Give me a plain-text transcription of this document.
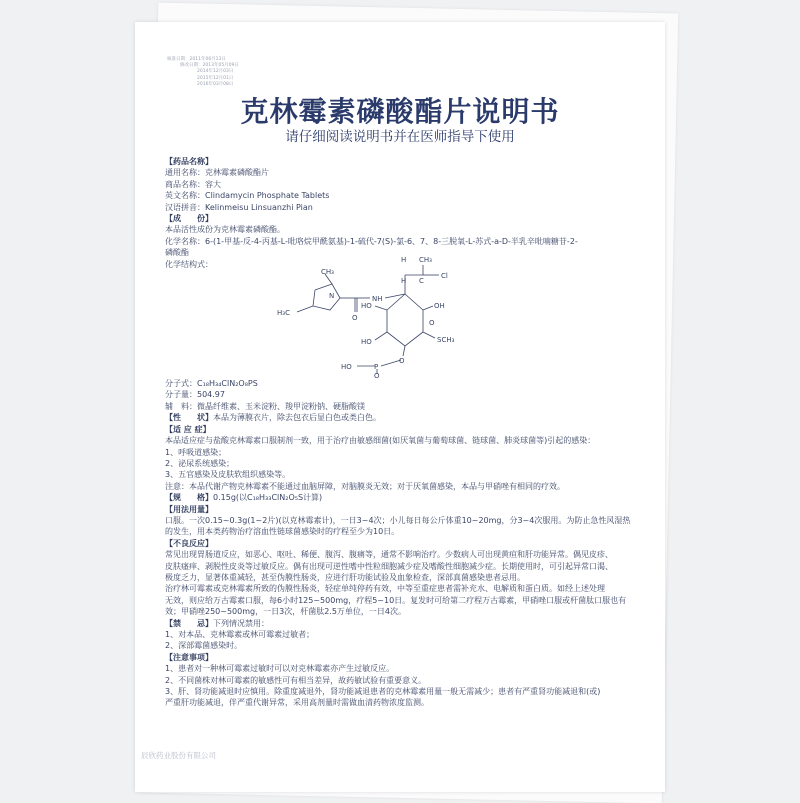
核准日期：2011年06月13日
修改日期：2013年05月09日
2014年12月03日
2015年12月01日
2016年03月08日
克林霉素磷酸酯片说明书
请仔细阅读说明书并在医师指导下使用
【药品名称】
通用名称：克林霉素磷酸酯片
商品名称：容大
英文名称：Clindamycin Phosphate Tablets
汉语拼音：Kelinmeisu Linsuanzhi Pian
【成　　份】
本品活性成份为克林霉素磷酸酯。
化学名称：6-(1-甲基-反-4-丙基-L-吡咯烷甲酰氨基)-1-硫代-7(S)-氯-6、7、8-三脱氧-L-苏式-a-D-半乳辛吡喃糖苷-2-
磷酸酯
化学结构式：
H₃C
CH₃
N	NH
O
H C
Cl
CH₃
H
HO	OH
O
SCH₃
HO
O
P
HO
O
分子式：C₁₈H₃₄ClN₂O₈PS
分子量：504.97
辅　料：微晶纤维素、玉米淀粉、羧甲淀粉钠、硬脂酸镁
【性　　状】本品为薄膜衣片，除去包衣后显白色或类白色。
【适 应 症】
本品适应症与盐酸克林霉素口服制剂一致，用于治疗由敏感细菌(如厌氧菌与葡萄球菌、链球菌、肺炎球菌等)引起的感染：
1、呼吸道感染；
2、泌尿系统感染；
3、五官感染及皮肤软组织感染等。
注意：本品代谢产物克林霉素不能通过血脑屏障，对脑膜炎无效；对于厌氧菌感染，本品与甲硝唑有相同的疗效。
【规　　格】0.15g(以C₁₈H₃₃ClN₂O₅S计算)
【用法用量】
口服。一次0.15~0.3g(1~2片)(以克林霉素计)，一日3~4次；小儿每日每公斤体重10~20mg，分3~4次服用。为防止急性风湿热
的发生，用本类药物治疗溶血性链球菌感染时的疗程至少为10日。
【不良反应】
常见出现胃肠道反应，如恶心、呕吐、稀便、腹泻、腹痛等，通常不影响治疗。少数病人可出现黄疸和肝功能异常。偶见皮疹、
皮肤瘙痒、剥脱性皮炎等过敏反应。偶有出现可逆性嗜中性粒细胞减少症及嗜酸性细胞减少症。长期使用时，可引起异常口渴、
极度乏力，显著体重减轻，甚至伪膜性肠炎，应进行肝功能试验及血象检查，深部真菌感染患者忌用。
治疗林可霉素或克林霉素所致的伪膜性肠炎，轻症单纯停药有效，中等至重症患者需补充水、电解质和蛋白质。如经上述处理
无效，则应给万古霉素口服，每6小时125~500mg，疗程5~10日。复发时可给第二疗程万古霉素，甲硝唑口服或杆菌肽口服也有
效；甲硝唑250~500mg，一日3次，杆菌肽2.5万单位，一日4次。
【禁　　忌】下列情况禁用：
1、对本品、克林霉素或林可霉素过敏者；
2、深部霉菌感染时。
【注意事项】
1、患者对一种林可霉素过敏时可以对克林霉素亦产生过敏反应。
2、不同菌株对林可霉素的敏感性可有相当差异，故药敏试验有重要意义。
3、肝、肾功能减退时应慎用。除重度减退外，肾功能减退患者的克林霉素用量一般无需减少；患者有严重肾功能减退和(或)
严重肝功能减退，伴严重代谢异常，采用高剂量时需做血清药物浓度监测。
辰欣药业股份有限公司
